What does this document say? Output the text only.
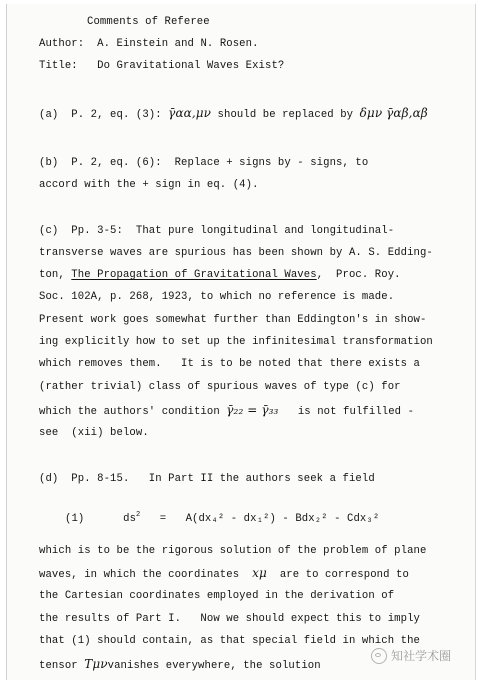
Comments of Referee
Author: A. Einstein and N. Rosen.
Title: Do Gravitational Waves Exist?
(a)  P. 2, eq. (3): γ̄αα,μν should be replaced by δμν γ̄αβ,αβ
(b)  P. 2, eq. (6):  Replace + signs by - signs, to
accord with the + sign in eq. (4).
(c)  Pp. 3-5:  That pure longitudinal and longitudinal-
transverse waves are spurious has been shown by A. S. Edding-
ton, The Propagation of Gravitational Waves,  Proc. Roy.
Soc. 102A, p. 268, 1923, to which no reference is made.
Present work goes somewhat further than Eddington's in show-
ing explicitly how to set up the infinitesimal transformation
which removes them.   It is to be noted that there exists a
(rather trivial) class of spurious waves of type (c) for
which the authors' condition γ̄₂₂ = γ̄₃₃ is not fulfilled -
see  (xii) below.
(d)  Pp. 8-15.   In Part II the authors seek a field
(1)	$ds^2 = A(dx_4^2 - dx_1^2) - Bdx_2^2 - Cdx_3^2$
which is to be the rigorous solution of the problem of plane
waves, in which the coordinates xμ are to correspond to
the Cartesian coordinates employed in the derivation of
the results of Part I.   Now we should expect this to imply
that (1) should contain, as that special field in which the
tensor Tμνvanishes everywhere, the solution
知社学术圈
